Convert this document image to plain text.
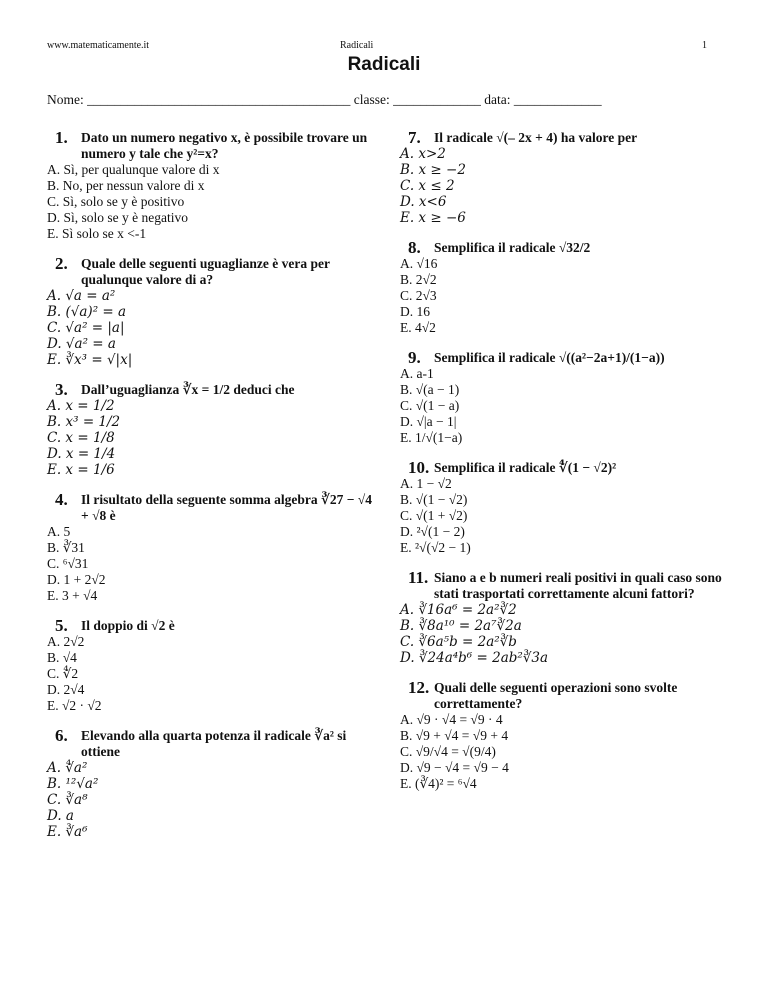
www.matematicamente.it	Radicali	1
Radicali
Nome: _______________________________________ classe: _____________ data: _____________
1. Dato un numero negativo x, è possibile trovare un numero y tale che y²=x?
A. Sì, per qualunque valore di x
B. No, per nessun valore di x
C. Sì, solo se y è positivo
D. Sì, solo se y è negativo
E. Sì solo se x <-1
2. Quale delle seguenti uguaglianze è vera per qualunque valore di a?
A. √a = a²
B. (√a)² = a
C. √a² = |a|
D. √a² = a
E. ∛x³ = √|x|
3. Dall’uguaglianza ∛x = 1/2 deduci che
A. x = 1/2
B. x³ = 1/2
C. x = 1/8
D. x = 1/4
E. x = 1/6
4. Il risultato della seguente somma algebra ∛27 − √4 + √8 è
A. 5
B. ∛31
C. ⁶√31
D. 1 + 2√2
E. 3 + √4
5. Il doppio di √2 è
A. 2√2
B. √4
C. ∜2
D. 2√4
E. √2 · √2
6. Elevando alla quarta potenza il radicale ∛a² si ottiene
A. ∜a²
B. ¹²√a²
C. ∛a⁸
D. a
E. ∛a⁶
7. Il radicale √(– 2x + 4) ha valore per
A. x>2
B. x ≥ −2
C. x ≤ 2
D. x<6
E. x ≥ −6
8. Semplifica il radicale √32/2
A. √16
B. 2√2
C. 2√3
D. 16
E. 4√2
9. Semplifica il radicale √((a²−2a+1)/(1−a))
A. a-1
B. √(a − 1)
C. √(1 − a)
D. √|a − 1|
E. 1/√(1−a)
10. Semplifica il radicale ∜(1 − √2)²
A. 1 − √2
B. √(1 − √2)
C. √(1 + √2)
D. ²√(1 − 2)
E. ²√(√2 − 1)
11. Siano a e b numeri reali positivi in quali caso sono stati trasportati correttamente alcuni fattori?
A. ∛16a⁶ = 2a²∛2
B. ∛8a¹⁰ = 2a⁷∛2a
C. ∛6a⁵b = 2a²∛b
D. ∛24a⁴b⁶ = 2ab²∛3a
12. Quali delle seguenti operazioni sono svolte correttamente?
A. √9 · √4 = √9 · 4
B. √9 + √4 = √9 + 4
C. √9/√4 = √(9/4)
D. √9 − √4 = √9 − 4
E. (∛4)² = ⁶√4
